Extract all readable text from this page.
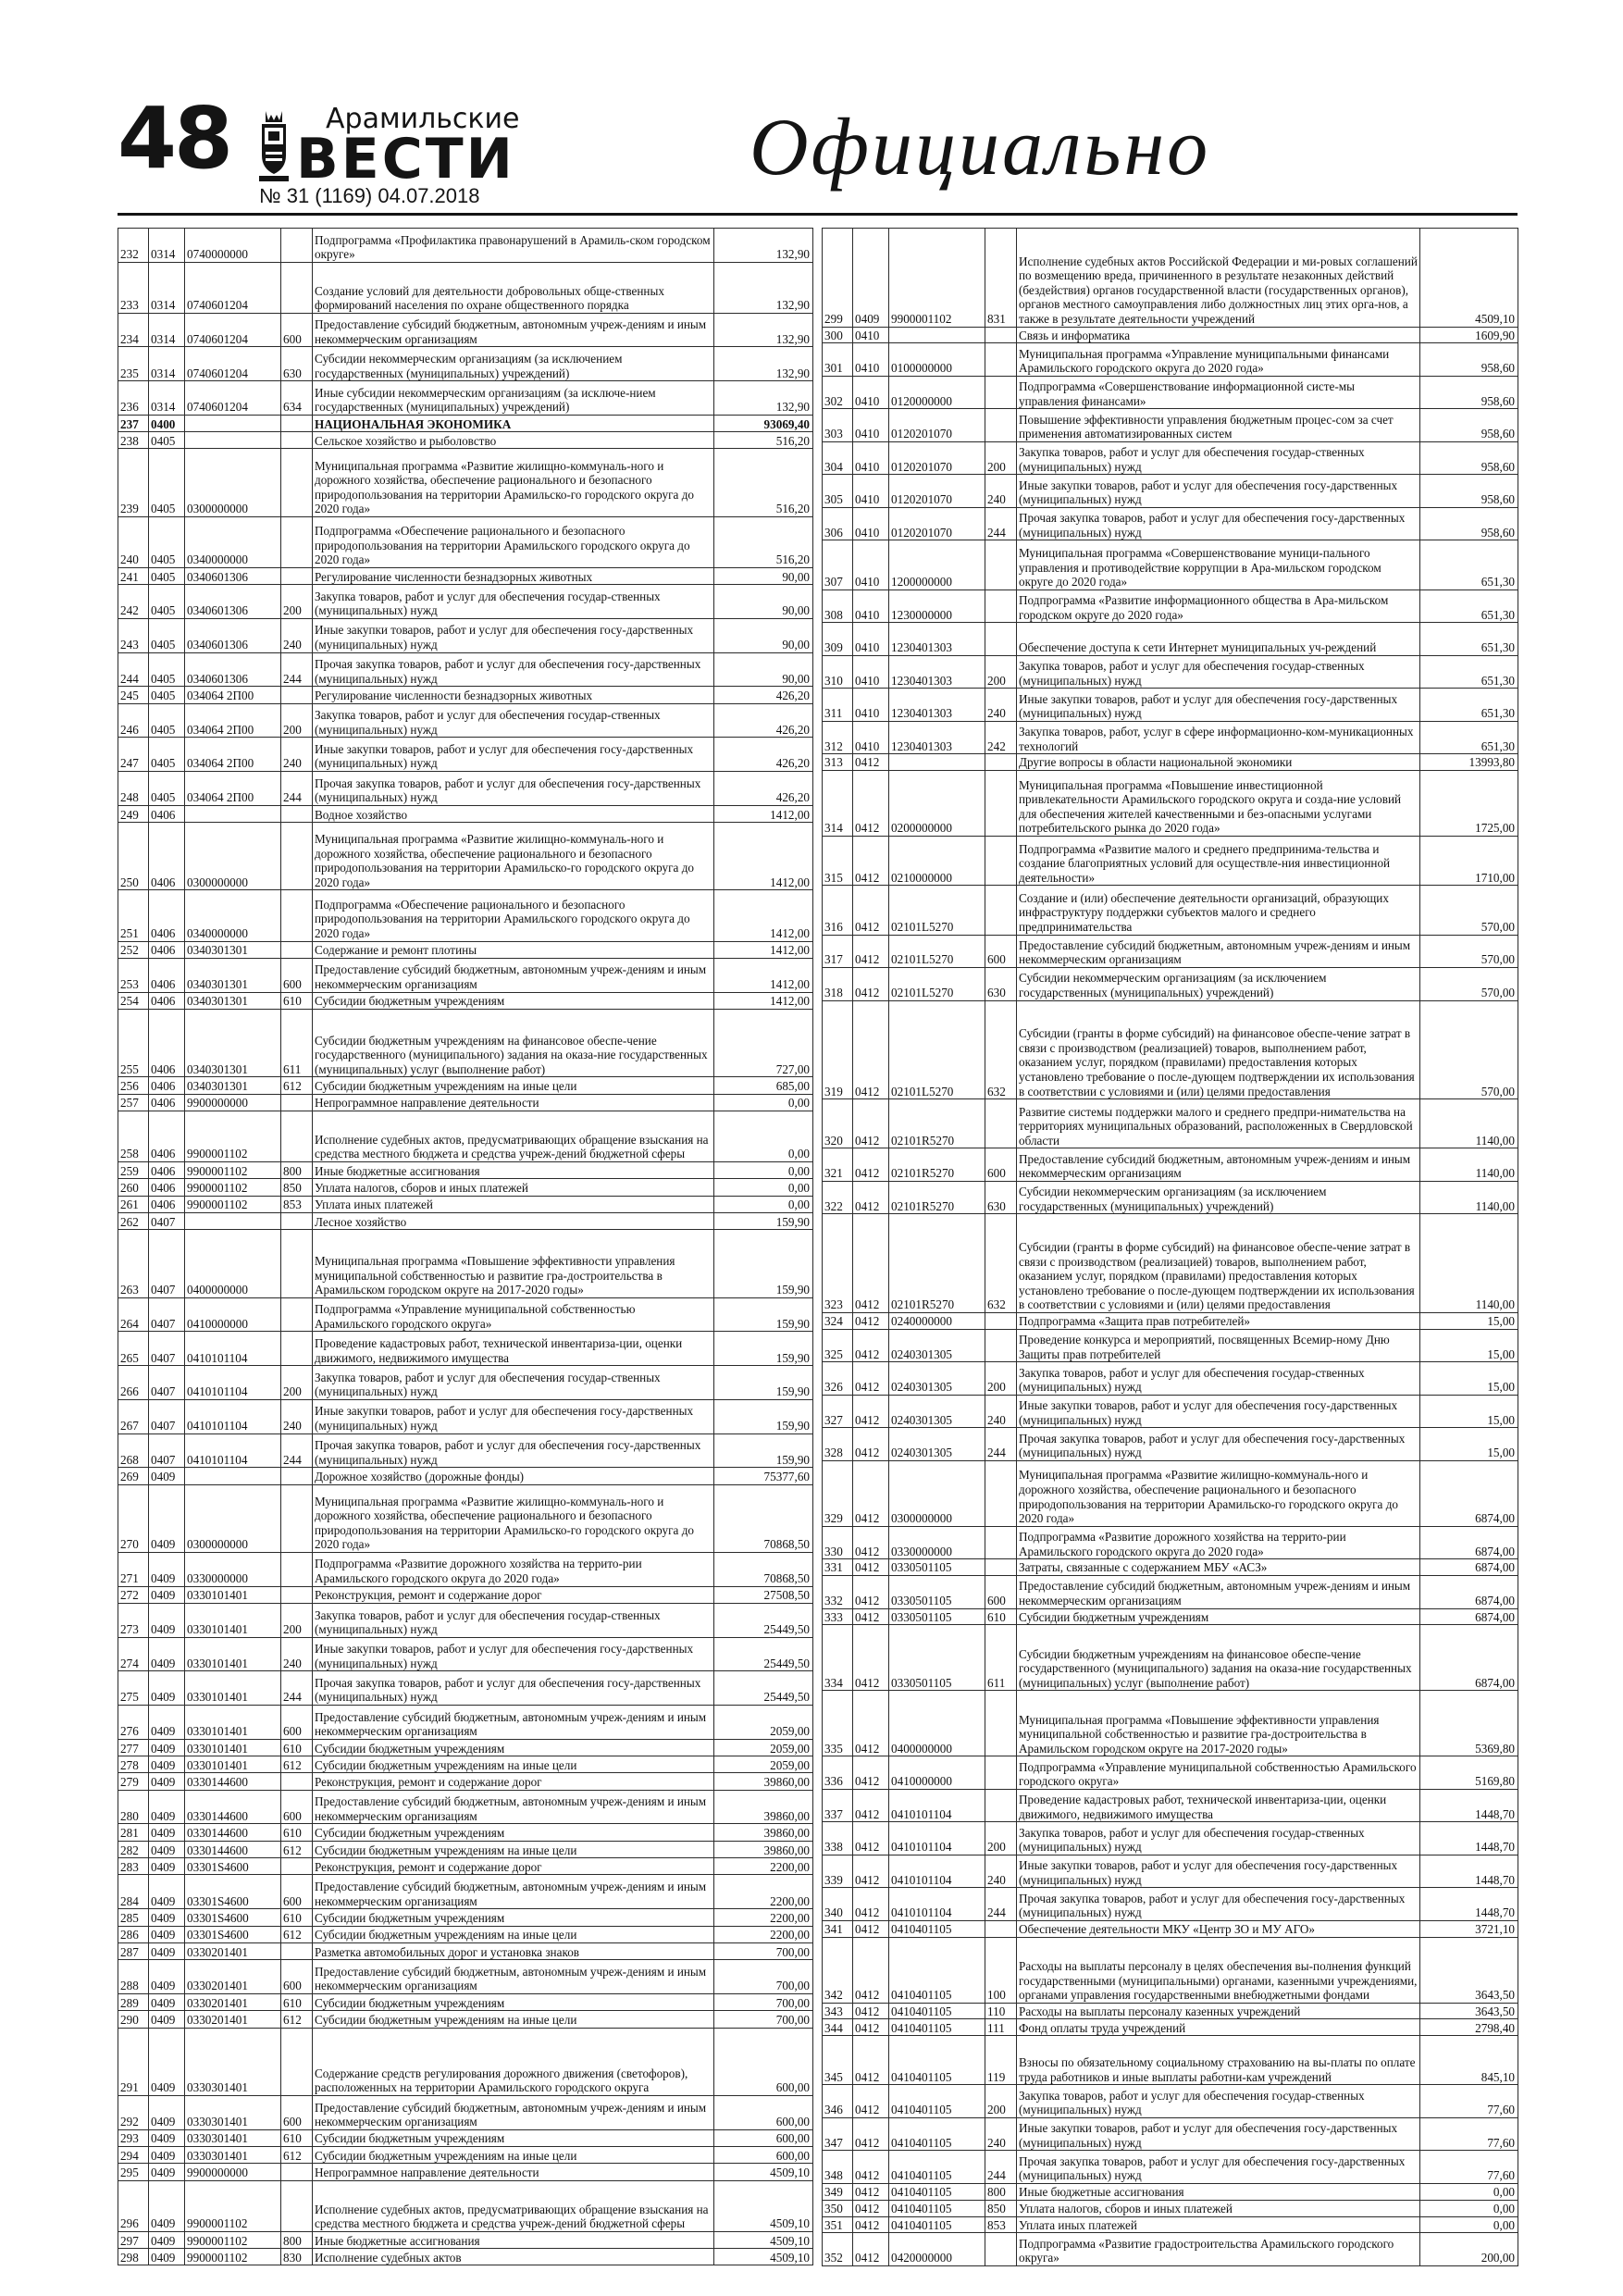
48	Арамильские
ВЕСТИ
№ 31 (1169) 04.07.2018
Официально
232	0314	0740000000		Подпрограмма «Профилактика правонарушений в Арамиль-ском городском округе»	132,90
233	0314	0740601204		Создание условий для деятельности добровольных обще-ственных формирований населения по охране общественного порядка	132,90
234	0314	0740601204	600	Предоставление субсидий бюджетным, автономным учреж-дениям и иным некоммерческим организациям	132,90
235	0314	0740601204	630	Субсидии некоммерческим организациям (за исключением государственных (муниципальных) учреждений)	132,90
236	0314	0740601204	634	Иные субсидии некоммерческим организациям (за исключе-нием государственных (муниципальных) учреждений)	132,90
237	0400			НАЦИОНАЛЬНАЯ ЭКОНОМИКА	93069,40
238	0405			Сельское хозяйство и рыболовство	516,20
239	0405	0300000000		Муниципальная программа «Развитие жилищно-коммуналь-ного и дорожного хозяйства, обеспечение рационального и безопасного природопользования на территории Арамильско-го городского округа до 2020 года»	516,20
240	0405	0340000000		Подпрограмма «Обеспечение рационального и безопасного природопользования на территории Арамильского городского округа до 2020 года»	516,20
241	0405	0340601306		Регулирование численности безнадзорных животных	90,00
242	0405	0340601306	200	Закупка товаров, работ и услуг для обеспечения государ-ственных (муниципальных) нужд	90,00
243	0405	0340601306	240	Иные закупки товаров, работ и услуг для обеспечения госу-дарственных (муниципальных) нужд	90,00
244	0405	0340601306	244	Прочая закупка товаров, работ и услуг для обеспечения госу-дарственных (муниципальных) нужд	90,00
245	0405	034064 2П00		Регулирование численности безнадзорных животных	426,20
246	0405	034064 2П00	200	Закупка товаров, работ и услуг для обеспечения государ-ственных (муниципальных) нужд	426,20
247	0405	034064 2П00	240	Иные закупки товаров, работ и услуг для обеспечения госу-дарственных (муниципальных) нужд	426,20
248	0405	034064 2П00	244	Прочая закупка товаров, работ и услуг для обеспечения госу-дарственных (муниципальных) нужд	426,20
249	0406			Водное хозяйство	1412,00
250	0406	0300000000		Муниципальная программа «Развитие жилищно-коммуналь-ного и дорожного хозяйства, обеспечение рационального и безопасного природопользования на территории Арамильско-го городского округа до 2020 года»	1412,00
251	0406	0340000000		Подпрограмма «Обеспечение рационального и безопасного природопользования на территории Арамильского городского округа до 2020 года»	1412,00
252	0406	0340301301		Содержание и ремонт плотины	1412,00
253	0406	0340301301	600	Предоставление субсидий бюджетным, автономным учреж-дениям и иным некоммерческим организациям	1412,00
254	0406	0340301301	610	Субсидии бюджетным учреждениям	1412,00
255	0406	0340301301	611	Субсидии бюджетным учреждениям на финансовое обеспе-чение государственного (муниципального) задания на оказа-ние государственных (муниципальных) услуг (выполнение работ)	727,00
256	0406	0340301301	612	Субсидии бюджетным учреждениям на иные цели	685,00
257	0406	9900000000		Непрограммное направление деятельности	0,00
258	0406	9900001102		Исполнение судебных актов, предусматривающих обращение взыскания на средства местного бюджета и средства учреж-дений бюджетной сферы	0,00
259	0406	9900001102	800	Иные бюджетные ассигнования	0,00
260	0406	9900001102	850	Уплата налогов, сборов и иных платежей	0,00
261	0406	9900001102	853	Уплата иных платежей	0,00
262	0407			Лесное хозяйство	159,90
263	0407	0400000000		Муниципальная программа «Повышение эффективности управления муниципальной собственностью и развитие гра-достроительства в Арамильском городском округе на 2017-2020 годы»	159,90
264	0407	0410000000		Подпрограмма «Управление муниципальной собственностью Арамильского городского округа»	159,90
265	0407	0410101104		Проведение кадастровых работ, технической инвентаризa-ции, оценки движимого, недвижимого имущества	159,90
266	0407	0410101104	200	Закупка товаров, работ и услуг для обеспечения государ-ственных (муниципальных) нужд	159,90
267	0407	0410101104	240	Иные закупки товаров, работ и услуг для обеспечения госу-дарственных (муниципальных) нужд	159,90
268	0407	0410101104	244	Прочая закупка товаров, работ и услуг для обеспечения госу-дарственных (муниципальных) нужд	159,90
269	0409			Дорожное хозяйство (дорожные фонды)	75377,60
270	0409	0300000000		Муниципальная программа «Развитие жилищно-коммуналь-ного и дорожного хозяйства, обеспечение рационального и безопасного природопользования на территории Арамильско-го городского округа до 2020 года»	70868,50
271	0409	0330000000		Подпрограмма «Развитие дорожного хозяйства на террито-рии Арамильского городского округа до 2020 года»	70868,50
272	0409	0330101401		Реконструкция, ремонт и содержание дорог	27508,50
273	0409	0330101401	200	Закупка товаров, работ и услуг для обеспечения государ-ственных (муниципальных) нужд	25449,50
274	0409	0330101401	240	Иные закупки товаров, работ и услуг для обеспечения госу-дарственных (муниципальных) нужд	25449,50
275	0409	0330101401	244	Прочая закупка товаров, работ и услуг для обеспечения госу-дарственных (муниципальных) нужд	25449,50
276	0409	0330101401	600	Предоставление субсидий бюджетным, автономным учреж-дениям и иным некоммерческим организациям	2059,00
277	0409	0330101401	610	Субсидии бюджетным учреждениям	2059,00
278	0409	0330101401	612	Субсидии бюджетным учреждениям на иные цели	2059,00
279	0409	0330144600		Реконструкция, ремонт и содержание дорог	39860,00
280	0409	0330144600	600	Предоставление субсидий бюджетным, автономным учреж-дениям и иным некоммерческим организациям	39860,00
281	0409	0330144600	610	Субсидии бюджетным учреждениям	39860,00
282	0409	0330144600	612	Субсидии бюджетным учреждениям на иные цели	39860,00
283	0409	03301S4600		Реконструкция, ремонт и содержание дорог	2200,00
284	0409	03301S4600	600	Предоставление субсидий бюджетным, автономным учреж-дениям и иным некоммерческим организациям	2200,00
285	0409	03301S4600	610	Субсидии бюджетным учреждениям	2200,00
286	0409	03301S4600	612	Субсидии бюджетным учреждениям на иные цели	2200,00
287	0409	0330201401		Разметка автомобильных дорог и установка знаков	700,00
288	0409	0330201401	600	Предоставление субсидий бюджетным, автономным учреж-дениям и иным некоммерческим организациям	700,00
289	0409	0330201401	610	Субсидии бюджетным учреждениям	700,00
290	0409	0330201401	612	Субсидии бюджетным учреждениям на иные цели	700,00
291	0409	0330301401		Содержание средств регулирования дорожного движения (светофоров), расположенных на территории Арамильского городского округа	600,00
292	0409	0330301401	600	Предоставление субсидий бюджетным, автономным учреж-дениям и иным некоммерческим организациям	600,00
293	0409	0330301401	610	Субсидии бюджетным учреждениям	600,00
294	0409	0330301401	612	Субсидии бюджетным учреждениям на иные цели	600,00
295	0409	9900000000		Непрограммное направление деятельности	4509,10
296	0409	9900001102		Исполнение судебных актов, предусматривающих обращение взыскания на средства местного бюджета и средства учреж-дений бюджетной сферы	4509,10
297	0409	9900001102	800	Иные бюджетные ассигнования	4509,10
298	0409	9900001102	830	Исполнение судебных актов	4509,10
299	0409	9900001102	831	Исполнение судебных актов Российской Федерации и ми-ровых соглашений по возмещению вреда, причиненного в результате незаконных действий (бездействия) органов государственной власти (государственных органов), органов местного самоуправления либо должностных лиц этих орга-нов, а также в результате деятельности учреждений	4509,10
300	0410			Связь и информатика	1609,90
301	0410	0100000000		Муниципальная программа «Управление муниципальными финансами Арамильского городского округа до 2020 года»	958,60
302	0410	0120000000		Подпрограмма «Совершенствование информационной систе-мы управления финансами»	958,60
303	0410	0120201070		Повышение эффективности управления бюджетным процес-сом за счет применения автоматизированных систем	958,60
304	0410	0120201070	200	Закупка товаров, работ и услуг для обеспечения государ-ственных (муниципальных) нужд	958,60
305	0410	0120201070	240	Иные закупки товаров, работ и услуг для обеспечения госу-дарственных (муниципальных) нужд	958,60
306	0410	0120201070	244	Прочая закупка товаров, работ и услуг для обеспечения госу-дарственных (муниципальных) нужд	958,60
307	0410	1200000000		Муниципальная программа «Совершенствование муници-пального управления и противодействие коррупции в Ара-мильском городском округе до 2020 года»	651,30
308	0410	1230000000		Подпрограмма «Развитие информационного общества в Ара-мильском городском округе до 2020 года»	651,30
309	0410	1230401303		Обеспечение доступа к сети Интернет муниципальных уч-реждений	651,30
310	0410	1230401303	200	Закупка товаров, работ и услуг для обеспечения государ-ственных (муниципальных) нужд	651,30
311	0410	1230401303	240	Иные закупки товаров, работ и услуг для обеспечения госу-дарственных (муниципальных) нужд	651,30
312	0410	1230401303	242	Закупка товаров, работ, услуг в сфере информационно-ком-муникационных технологий	651,30
313	0412			Другие вопросы в области национальной экономики	13993,80
314	0412	0200000000		Муниципальная программа «Повышение инвестиционной привлекательности Арамильского городского округа и созда-ние условий для обеспечения жителей качественными и без-опасными услугами потребительского рынка до 2020 года»	1725,00
315	0412	0210000000		Подпрограмма «Развитие малого и среднего предпринима-тельства и создание благоприятных условий для осуществле-ния инвестиционной деятельности»	1710,00
316	0412	02101L5270		Создание и (или) обеспечение деятельности организаций, образующих инфраструктуру поддержки субъектов малого и среднего предпринимательства	570,00
317	0412	02101L5270	600	Предоставление субсидий бюджетным, автономным учреж-дениям и иным некоммерческим организациям	570,00
318	0412	02101L5270	630	Субсидии некоммерческим организациям (за исключением государственных (муниципальных) учреждений)	570,00
319	0412	02101L5270	632	Субсидии (гранты в форме субсидий) на финансовое обеспе-чение затрат в связи с производством (реализацией) товаров, выполнением работ, оказанием услуг, порядком (правилами) предоставления которых установлено требование о после-дующем подтверждении их использования в соответствии с условиями и (или) целями предоставления	570,00
320	0412	02101R5270		Развитие системы поддержки малого и среднего предпри-нимательства на территориях муниципальных образований, расположенных в Свердловской области	1140,00
321	0412	02101R5270	600	Предоставление субсидий бюджетным, автономным учреж-дениям и иным некоммерческим организациям	1140,00
322	0412	02101R5270	630	Субсидии некоммерческим организациям (за исключением государственных (муниципальных) учреждений)	1140,00
323	0412	02101R5270	632	Субсидии (гранты в форме субсидий) на финансовое обеспе-чение затрат в связи с производством (реализацией) товаров, выполнением работ, оказанием услуг, порядком (правилами) предоставления которых установлено требование о после-дующем подтверждении их использования в соответствии с условиями и (или) целями предоставления	1140,00
324	0412	0240000000		Подпрограмма «Защита прав потребителей»	15,00
325	0412	0240301305		Проведение конкурса и мероприятий, посвященных Всемир-ному Дню Защиты прав потребителей	15,00
326	0412	0240301305	200	Закупка товаров, работ и услуг для обеспечения государ-ственных (муниципальных) нужд	15,00
327	0412	0240301305	240	Иные закупки товаров, работ и услуг для обеспечения госу-дарственных (муниципальных) нужд	15,00
328	0412	0240301305	244	Прочая закупка товаров, работ и услуг для обеспечения госу-дарственных (муниципальных) нужд	15,00
329	0412	0300000000		Муниципальная программа «Развитие жилищно-коммуналь-ного и дорожного хозяйства, обеспечение рационального и безопасного природопользования на территории Арамильско-го городского округа до 2020 года»	6874,00
330	0412	0330000000		Подпрограмма «Развитие дорожного хозяйства на террито-рии Арамильского городского округа до 2020 года»	6874,00
331	0412	0330501105		Затраты, связанные с содержанием МБУ «АСЗ»	6874,00
332	0412	0330501105	600	Предоставление субсидий бюджетным, автономным учреж-дениям и иным некоммерческим организациям	6874,00
333	0412	0330501105	610	Субсидии бюджетным учреждениям	6874,00
334	0412	0330501105	611	Субсидии бюджетным учреждениям на финансовое обеспе-чение государственного (муниципального) задания на оказа-ние государственных (муниципальных) услуг (выполнение работ)	6874,00
335	0412	0400000000		Муниципальная программа «Повышение эффективности управления муниципальной собственностью и развитие гра-достроительства в Арамильском городском округе на 2017-2020 годы»	5369,80
336	0412	0410000000		Подпрограмма «Управление муниципальной собственностью Арамильского городского округа»	5169,80
337	0412	0410101104		Проведение кадастровых работ, технической инвентаризa-ции, оценки движимого, недвижимого имущества	1448,70
338	0412	0410101104	200	Закупка товаров, работ и услуг для обеспечения государ-ственных (муниципальных) нужд	1448,70
339	0412	0410101104	240	Иные закупки товаров, работ и услуг для обеспечения госу-дарственных (муниципальных) нужд	1448,70
340	0412	0410101104	244	Прочая закупка товаров, работ и услуг для обеспечения госу-дарственных (муниципальных) нужд	1448,70
341	0412	0410401105		Обеспечение деятельности МКУ «Центр ЗО и МУ АГО»	3721,10
342	0412	0410401105	100	Расходы на выплаты персоналу в целях обеспечения вы-полнения функций государственными (муниципальными) органами, казенными учреждениями, органами управления государственными внебюджетными фондами	3643,50
343	0412	0410401105	110	Расходы на выплаты персоналу казенных учреждений	3643,50
344	0412	0410401105	111	Фонд оплаты труда учреждений	2798,40
345	0412	0410401105	119	Взносы по обязательному социальному страхованию на вы-платы по оплате труда работников и иные выплаты работни-кам учреждений	845,10
346	0412	0410401105	200	Закупка товаров, работ и услуг для обеспечения государ-ственных (муниципальных) нужд	77,60
347	0412	0410401105	240	Иные закупки товаров, работ и услуг для обеспечения госу-дарственных (муниципальных) нужд	77,60
348	0412	0410401105	244	Прочая закупка товаров, работ и услуг для обеспечения госу-дарственных (муниципальных) нужд	77,60
349	0412	0410401105	800	Иные бюджетные ассигнования	0,00
350	0412	0410401105	850	Уплата налогов, сборов и иных платежей	0,00
351	0412	0410401105	853	Уплата иных платежей	0,00
352	0412	0420000000		Подпрограмма «Развитие градостроительства Арамильского городского округа»	200,00
